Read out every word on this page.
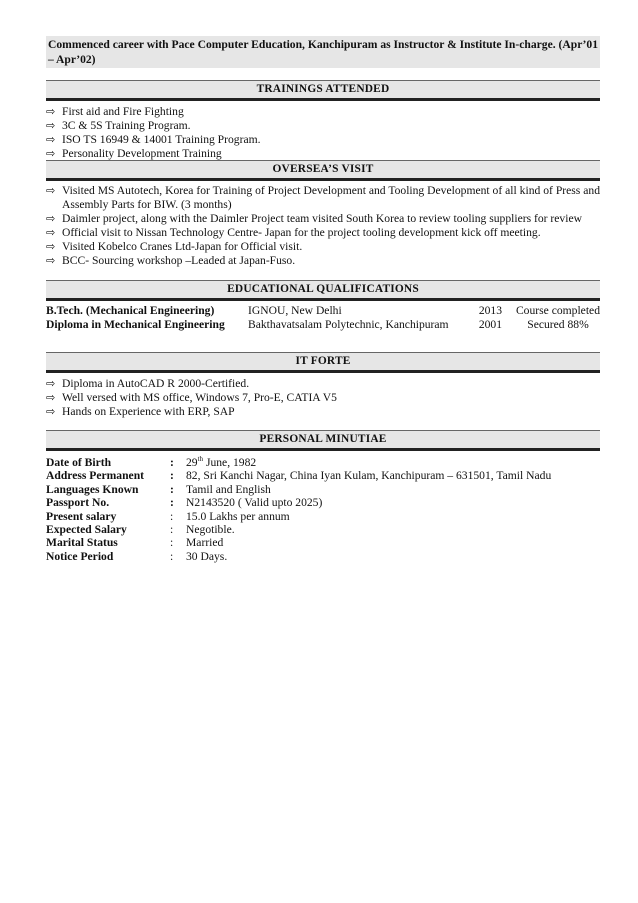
Commenced career with Pace Computer Education, Kanchipuram as Instructor & Institute In-charge. (Apr’01 – Apr’02)
TRAININGS ATTENDED
⇨ First aid and Fire Fighting
⇨ 3C & 5S Training Program.
⇨ ISO TS 16949 & 14001 Training Program.
⇨ Personality Development Training
OVERSEA’S VISIT
⇨ Visited MS Autotech, Korea for Training of Project Development and Tooling Development of all kind of Press and Assembly Parts for BIW. (3 months)
⇨ Daimler project, along with the Daimler Project team visited South Korea to review tooling suppliers for review
⇨ Official visit to Nissan Technology Centre- Japan for the project tooling development kick off meeting.
⇨ Visited Kobelco Cranes Ltd-Japan for Official visit.
⇨ BCC- Sourcing workshop –Leaded at Japan-Fuso.
EDUCATIONAL QUALIFICATIONS
B.Tech. (Mechanical Engineering)	IGNOU, New Delhi	2013	Course completed
Diploma in Mechanical Engineering	Bakthavatsalam Polytechnic, Kanchipuram	2001	Secured 88%
IT FORTE
⇨ Diploma in AutoCAD R 2000-Certified.
⇨ Well versed with MS office, Windows 7, Pro-E, CATIA V5
⇨ Hands on Experience with ERP, SAP
PERSONAL MINUTIAE
Date of Birth	:	29th June, 1982
Address Permanent	:	82, Sri Kanchi Nagar, China Iyan Kulam, Kanchipuram – 631501, Tamil Nadu
Languages Known	:	Tamil and English
Passport No.	:	N2143520 ( Valid upto 2025)
Present salary	:	15.0 Lakhs per annum
Expected Salary	:	Negotible.
Marital Status	:	Married
Notice Period	:	30 Days.
